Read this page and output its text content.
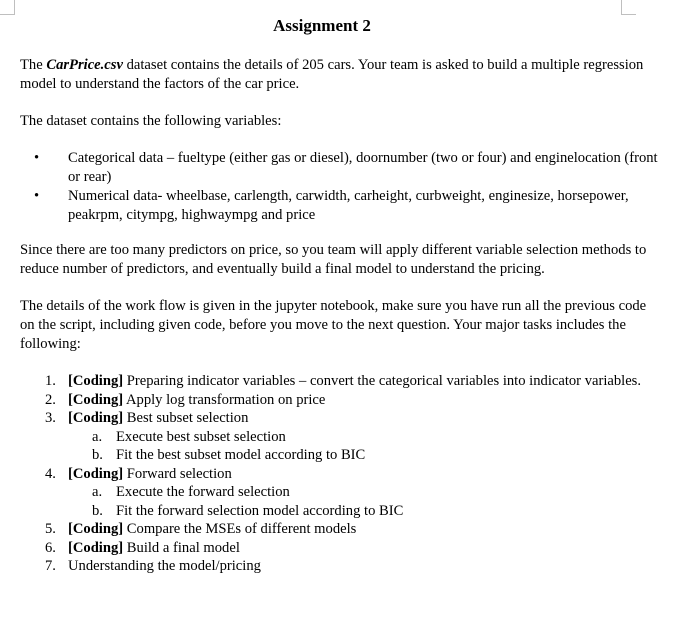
Assignment 2

The CarPrice.csv dataset contains the details of 205 cars. Your team is asked to build a multiple regression model to understand the factors of the car price.

The dataset contains the following variables:

• Categorical data – fueltype (either gas or diesel), doornumber (two or four) and enginelocation (front or rear)
• Numerical data- wheelbase, carlength, carwidth, carheight, curbweight, enginesize, horsepower, peakrpm, citympg, highwaympg and price

Since there are too many predictors on price, so you team will apply different variable selection methods to reduce number of predictors, and eventually build a final model to understand the pricing.

The details of the work flow is given in the jupyter notebook, make sure you have run all the previous code on the script, including given code, before you move to the next question. Your major tasks includes the following:

1. [Coding] Preparing indicator variables – convert the categorical variables into indicator variables.
2. [Coding] Apply log transformation on price
3. [Coding] Best subset selection
a. Execute best subset selection
b. Fit the best subset model according to BIC
4. [Coding] Forward selection
a. Execute the forward selection
b. Fit the forward selection model according to BIC
5. [Coding] Compare the MSEs of different models
6. [Coding] Build a final model
7. Understanding the model/pricing
